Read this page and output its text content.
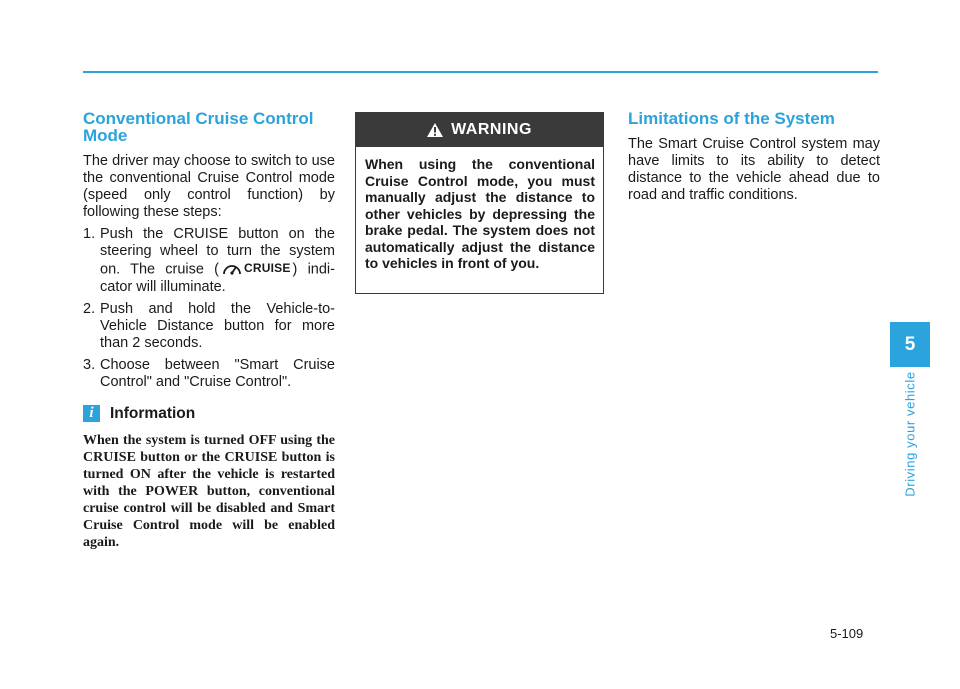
Conventional Cruise Control Mode

The driver may choose to switch to use the conventional Cruise Control mode (speed only control function) by following these steps:

1. Push the CRUISE button on the steering wheel to turn the system on. The cruise ( CRUISE ) indicator will illuminate.
2. Push and hold the Vehicle-to-Vehicle Distance button for more than 2 seconds.
3. Choose between "Smart Cruise Control" and "Cruise Control".
i	Information

When the system is turned OFF using the CRUISE button or the CRUISE button is turned ON after the vehicle is restarted with the POWER button, conventional cruise control will be disabled and Smart Cruise Control mode will be enabled again.

WARNING
When using the conventional Cruise Control mode, you must manually adjust the distance to other vehicles by depressing the brake pedal. The system does not automatically adjust the distance to vehicles in front of you.
Limitations of the System

The Smart Cruise Control system may have limits to its ability to detect distance to the vehicle ahead due to road and traffic conditions.

5
Driving your vehicle
5-109
